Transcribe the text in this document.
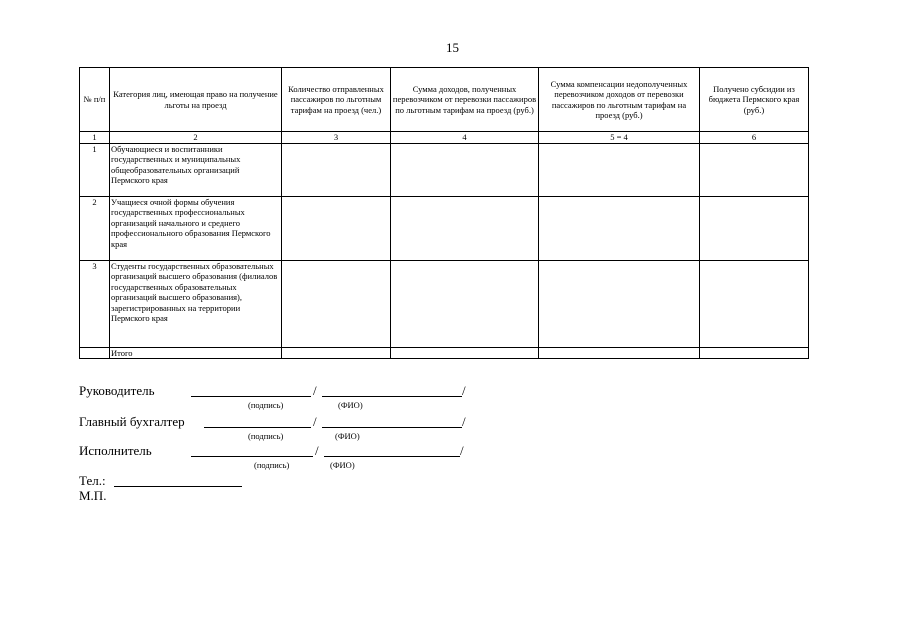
15
№ п/п	Категория лиц, имеющая право на получение льготы на проезд	Количество отправленных пассажиров по льготным тарифам на проезд (чел.)	Сумма доходов, полученных перевозчиком от перевозки пассажиров по льготным тарифам на проезд (руб.)	Сумма компенсации недополученных перевозчиком доходов от перевозки пассажиров по льготным тарифам на проезд (руб.)	Получено субсидии из бюджета Пермского края (руб.)
1	2	3	4	5 = 4	6
1	Обучающиеся и воспитанники государственных и муниципальных общеобразовательных организаций Пермского края				
2	Учащиеся очной формы обучения государственных профессиональных организаций начального и среднего профессионального образования Пермского края				
3	Студенты государственных образовательных организаций высшего образования (филиалов государственных образовательных организаций высшего образования), зарегистрированных на территории Пермского края				
	Итого				
Руководитель	/	/
(подпись)	(ФИО)
Главный бухгалтер	/	/
(подпись)	(ФИО)
Исполнитель	/	/
(подпись)	(ФИО)
Тел.:
М.П.
